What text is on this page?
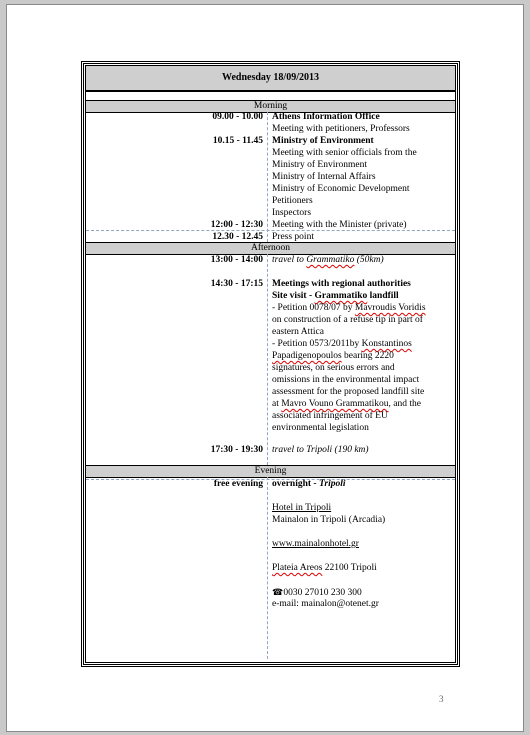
Wednesday 18/09/2013
Morning
09.00 - 10.00 Athens Information Office
Meeting with petitioners, Professors
10.15 - 11.45 Ministry of Environment
Meeting with senior officials from the
Ministry of Environment
Ministry of Internal Affairs
Ministry of Economic Development
Petitioners
Inspectors
12:00 - 12:30 Meeting with the Minister (private)
12.30 - 12.45 Press point
Afternoon
13:00 - 14:00 travel to Grammatiko (50km)
14:30 - 17:15 Meetings with regional authorities
Site visit - Grammatiko landfill
- Petition 0078/07 by Mavroudis Voridis
on construction of a refuse tip in part of
eastern Attica
- Petition 0573/2011by Konstantinos
Papadigenopoulos bearing 2220
signatures, on serious errors and
omissions in the environmental impact
assessment for the proposed landfill site
at Mavro Vouno Grammatikou, and the
associated infringement of EU
environmental legislation
17:30 - 19:30 travel to Tripoli (190 km)
Evening
free evening overnight - Tripoli
Hotel in Tripoli
Mainalon in Tripoli (Arcadia)
www.mainalonhotel.gr
Plateia Areos 22100 Tripoli
☎ 0030 27010 230 300
e-mail: mainalon@otenet.gr
3
